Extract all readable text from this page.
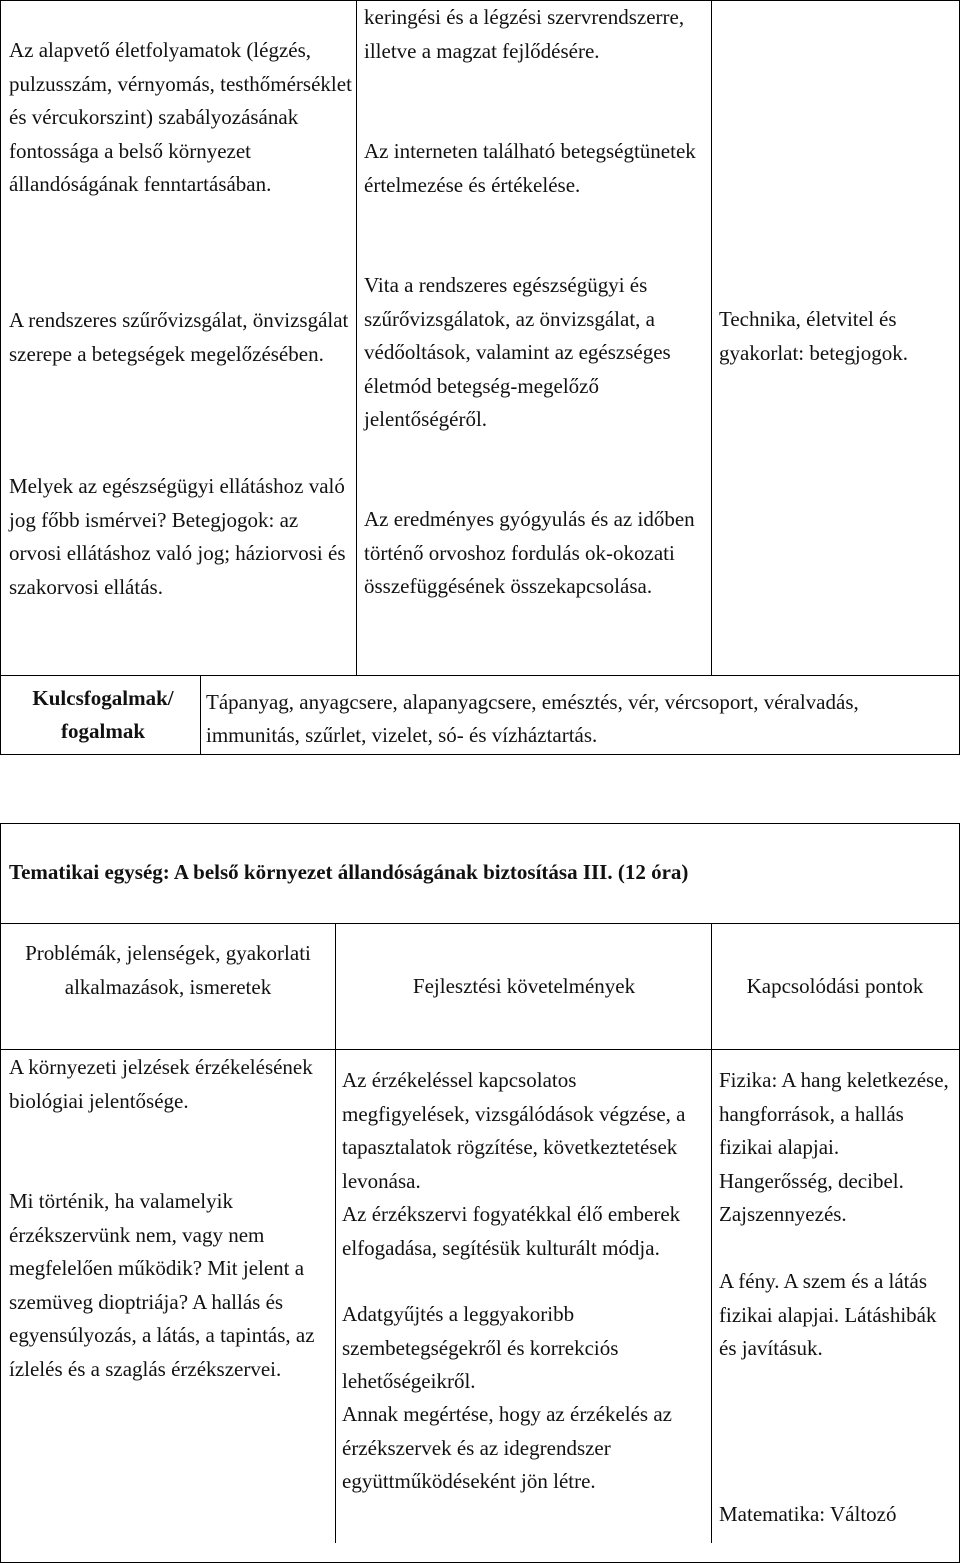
Az alapvető életfolyamatok (légzés, pulzusszám, vérnyomás, testhőmérséklet és vércukorszint) szabályozásának fontossága a belső környezet állandóságának fenntartásában.

A rendszeres szűrővizsgálat, önvizsgálat szerepe a betegségek megelőzésében.

Melyek az egészségügyi ellátáshoz való jog főbb ismérvei? Betegjogok: az orvosi ellátáshoz való jog; háziorvosi és szakorvosi ellátás.

keringési és a légzési szervrendszerre, illetve a magzat fejlődésére.

Az interneten található betegségtünetek értelmezése és értékelése.

Vita a rendszeres egészségügyi és szűrővizsgálatok, az önvizsgálat, a védőoltások, valamint az egészséges életmód betegség-megelőző jelentőségéről.

Az eredményes gyógyulás és az időben történő orvoshoz fordulás ok-okozati összefüggésének összekapcsolása.

Technika, életvitel és gyakorlat: betegjogok.

Kulcsfogalmak/ fogalmak

Tápanyag, anyagcsere, alapanyagcsere, emésztés, vér, vércsoport, véralvadás, immunitás, szűrlet, vizelet, só- és vízháztartás.

Tematikai egység: A belső környezet állandóságának biztosítása III. (12 óra)

Problémák, jelenségek, gyakorlati alkalmazások, ismeretek	Fejlesztési követelmények	Kapcsolódási pontok

A környezeti jelzések érzékelésének biológiai jelentősége.

Mi történik, ha valamelyik érzékszervünk nem, vagy nem megfelelően működik? Mit jelent a szemüveg dioptriája? A hallás és egyensúlyozás, a látás, a tapintás, az ízlelés és a szaglás érzékszervei.

Az érzékeléssel kapcsolatos megfigyelések, vizsgálódások végzése, a tapasztalatok rögzítése, következtetések levonása.

Az érzékszervi fogyatékkal élő emberek elfogadása, segítésük kulturált módja.

Adatgyűjtés a leggyakoribb szembetegségekről és korrekciós lehetőségeikről.

Annak megértése, hogy az érzékelés az érzékszervek és az idegrendszer együttműködéseként jön létre.

Fizika: A hang keletkezése, hangforrások, a hallás fizikai alapjai. Hangerősség, decibel. Zajszennyezés.

A fény. A szem és a látás fizikai alapjai. Látáshibák és javításuk.

Matematika: Változó
